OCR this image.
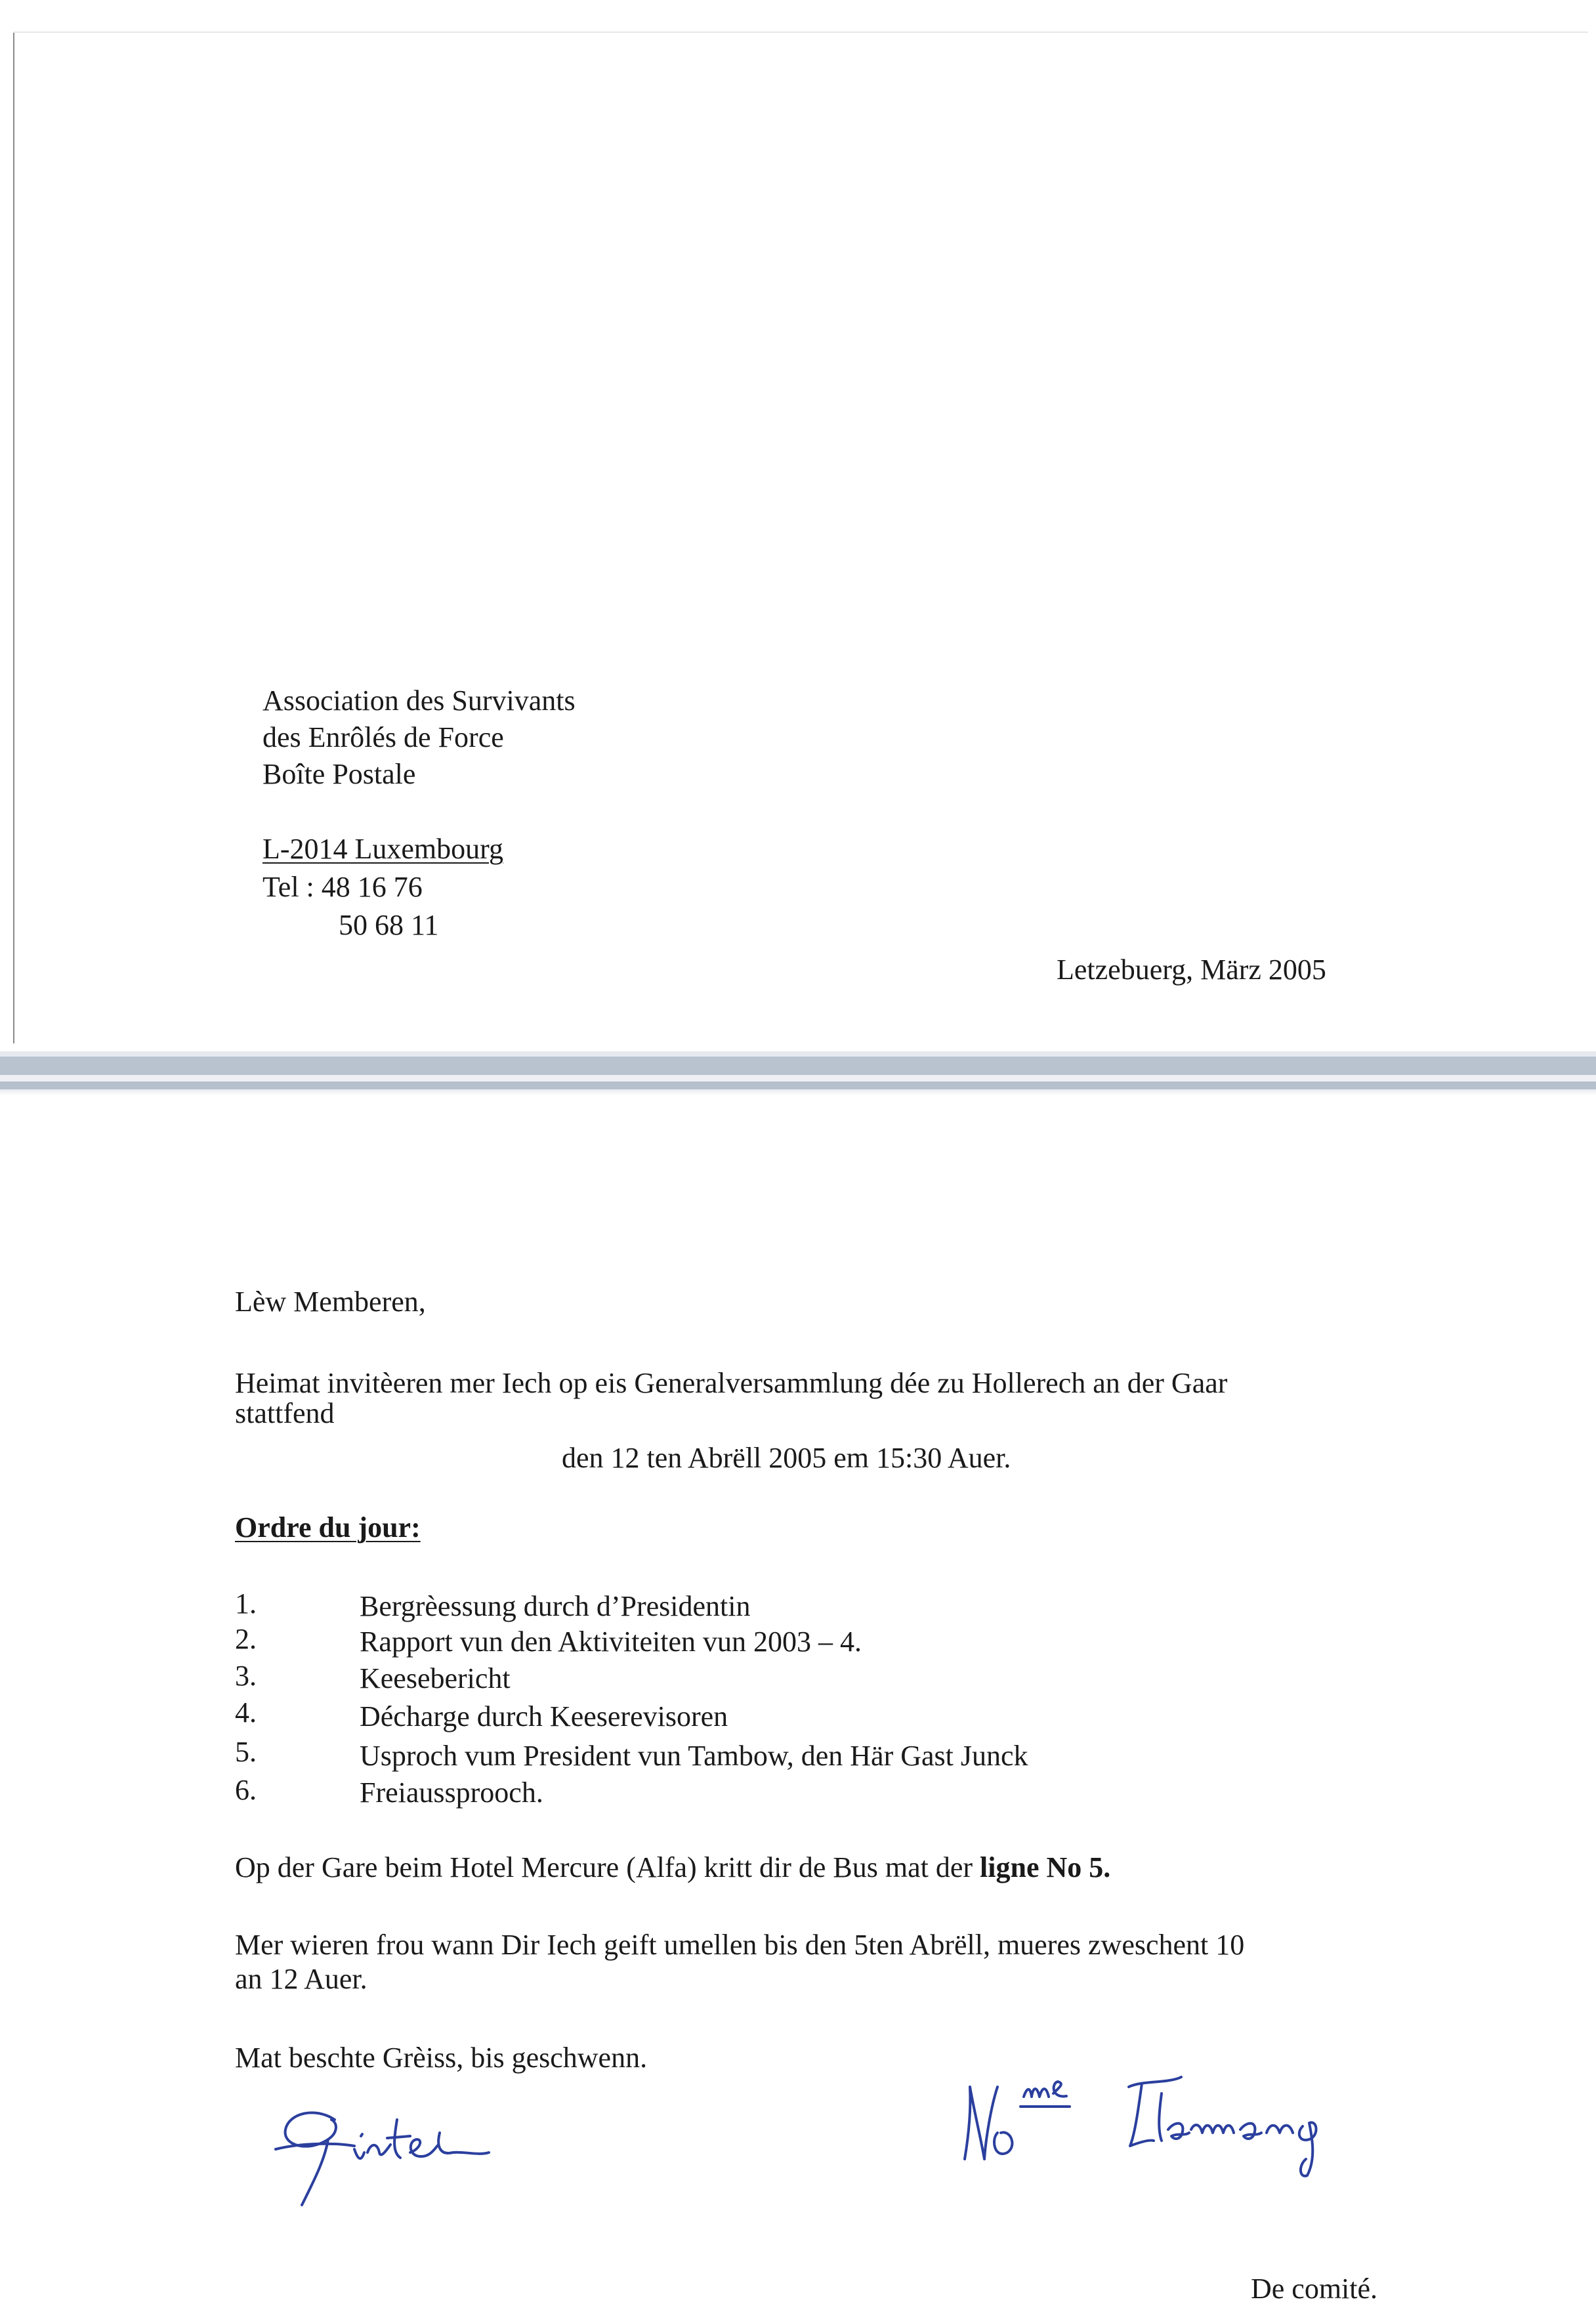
Association des Survivants
des Enrôlés de Force
Boîte Postale
L-2014 Luxembourg
Tel : 48 16 76
50 68 11
Letzebuerg, März 2005
Lèw Memberen,
Heimat invitèeren mer Iech op eis Generalversammlung dée zu Hollerech an der Gaar
stattfend
den 12 ten Abrëll 2005 em 15:30 Auer.
Ordre du jour:
1.	Bergrèessung durch d’Presidentin
2.	Rapport vun den Aktiviteiten vun 2003 – 4.
3.	Keesebericht
4.	Décharge durch Keeserevisoren
5.	Usproch vum President vun Tambow, den Här Gast Junck
6.	Freiaussprooch.
Op der Gare beim Hotel Mercure (Alfa) kritt dir de Bus mat der ligne No 5.
Mer wieren frou wann Dir Iech geift umellen bis den 5ten Abrëll, mueres zweschent 10
an 12 Auer.
Mat beschte Grèiss, bis geschwenn.
De comité.
